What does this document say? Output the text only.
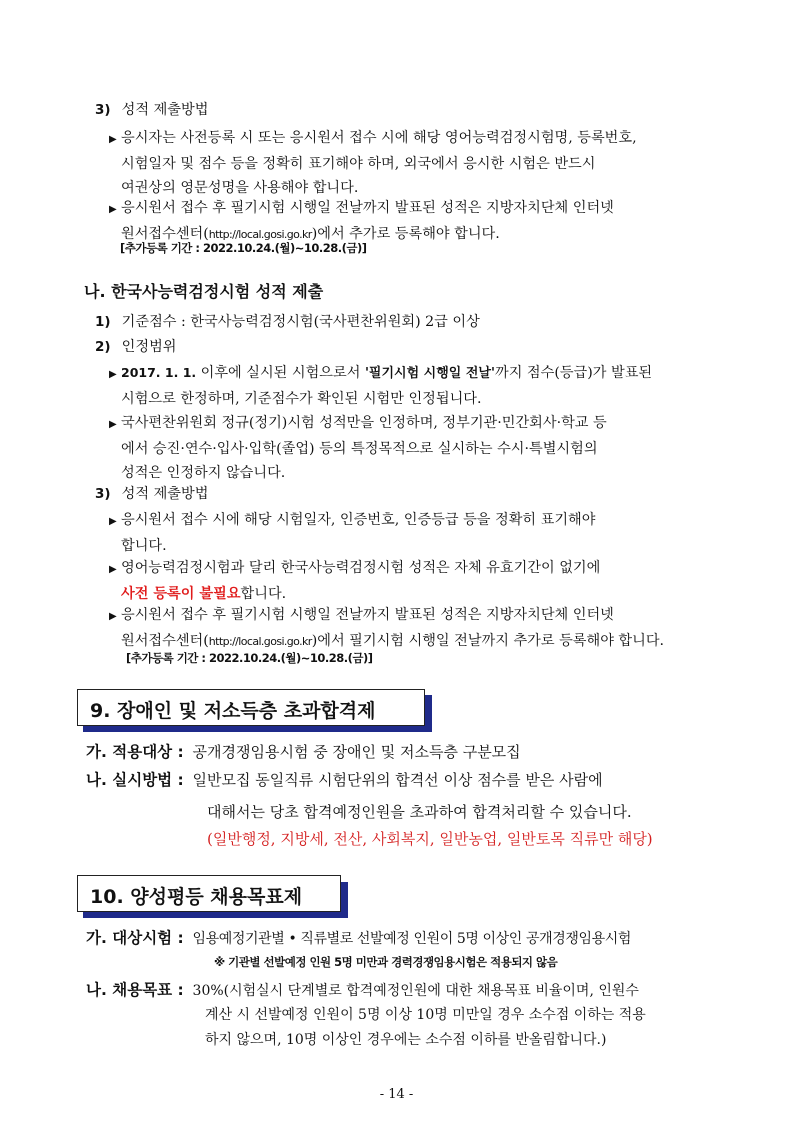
3) 성적 제출방법
▶ 응시자는 사전등록 시 또는 응시원서 접수 시에 해당 영어능력검정시험명, 등록번호,
시험일자 및 점수 등을 정확히 표기해야 하며, 외국에서 응시한 시험은 반드시
여권상의 영문성명을 사용해야 합니다.
▶ 응시원서 접수 후 필기시험 시행일 전날까지 발표된 성적은 지방자치단체 인터넷
원서접수센터(http://local.gosi.go.kr)에서 추가로 등록해야 합니다.
[추가등록 기간 : 2022.10.24.(월)~10.28.(금)]
나. 한국사능력검정시험 성적 제출
1) 기준점수 : 한국사능력검정시험(국사편찬위원회) 2급 이상
2) 인정범위
▶ 2017. 1. 1. 이후에 실시된 시험으로서 '필기시험 시행일 전날'까지 점수(등급)가 발표된
시험으로 한정하며, 기준점수가 확인된 시험만 인정됩니다.
▶ 국사편찬위원회 정규(정기)시험 성적만을 인정하며, 정부기관·민간회사·학교 등
에서 승진·연수·입사·입학(졸업) 등의 특정목적으로 실시하는 수시·특별시험의
성적은 인정하지 않습니다.
3) 성적 제출방법
▶ 응시원서 접수 시에 해당 시험일자, 인증번호, 인증등급 등을 정확히 표기해야
합니다.
▶ 영어능력검정시험과 달리 한국사능력검정시험 성적은 자체 유효기간이 없기에
사전 등록이 불필요합니다.
▶ 응시원서 접수 후 필기시험 시행일 전날까지 발표된 성적은 지방자치단체 인터넷
원서접수센터(http://local.gosi.go.kr)에서 필기시험 시행일 전날까지 추가로 등록해야 합니다.
[추가등록 기간 : 2022.10.24.(월)~10.28.(금)]
9. 장애인 및 저소득층 초과합격제
가. 적용대상 : 공개경쟁임용시험 중 장애인 및 저소득층 구분모집
나. 실시방법 : 일반모집 동일직류 시험단위의 합격선 이상 점수를 받은 사람에
대해서는 당초 합격예정인원을 초과하여 합격처리할 수 있습니다.
(일반행정, 지방세, 전산, 사회복지, 일반농업, 일반토목 직류만 해당)
10. 양성평등 채용목표제
가. 대상시험 : 임용예정기관별 • 직류별로 선발예정 인원이 5명 이상인 공개경쟁임용시험
※ 기관별 선발예정 인원 5명 미만과 경력경쟁임용시험은 적용되지 않음
나. 채용목표 : 30%(시험실시 단계별로 합격예정인원에 대한 채용목표 비율이며, 인원수
계산 시 선발예정 인원이 5명 이상 10명 미만일 경우 소수점 이하는 적용
하지 않으며, 10명 이상인 경우에는 소수점 이하를 반올림합니다.)
- 14 -
